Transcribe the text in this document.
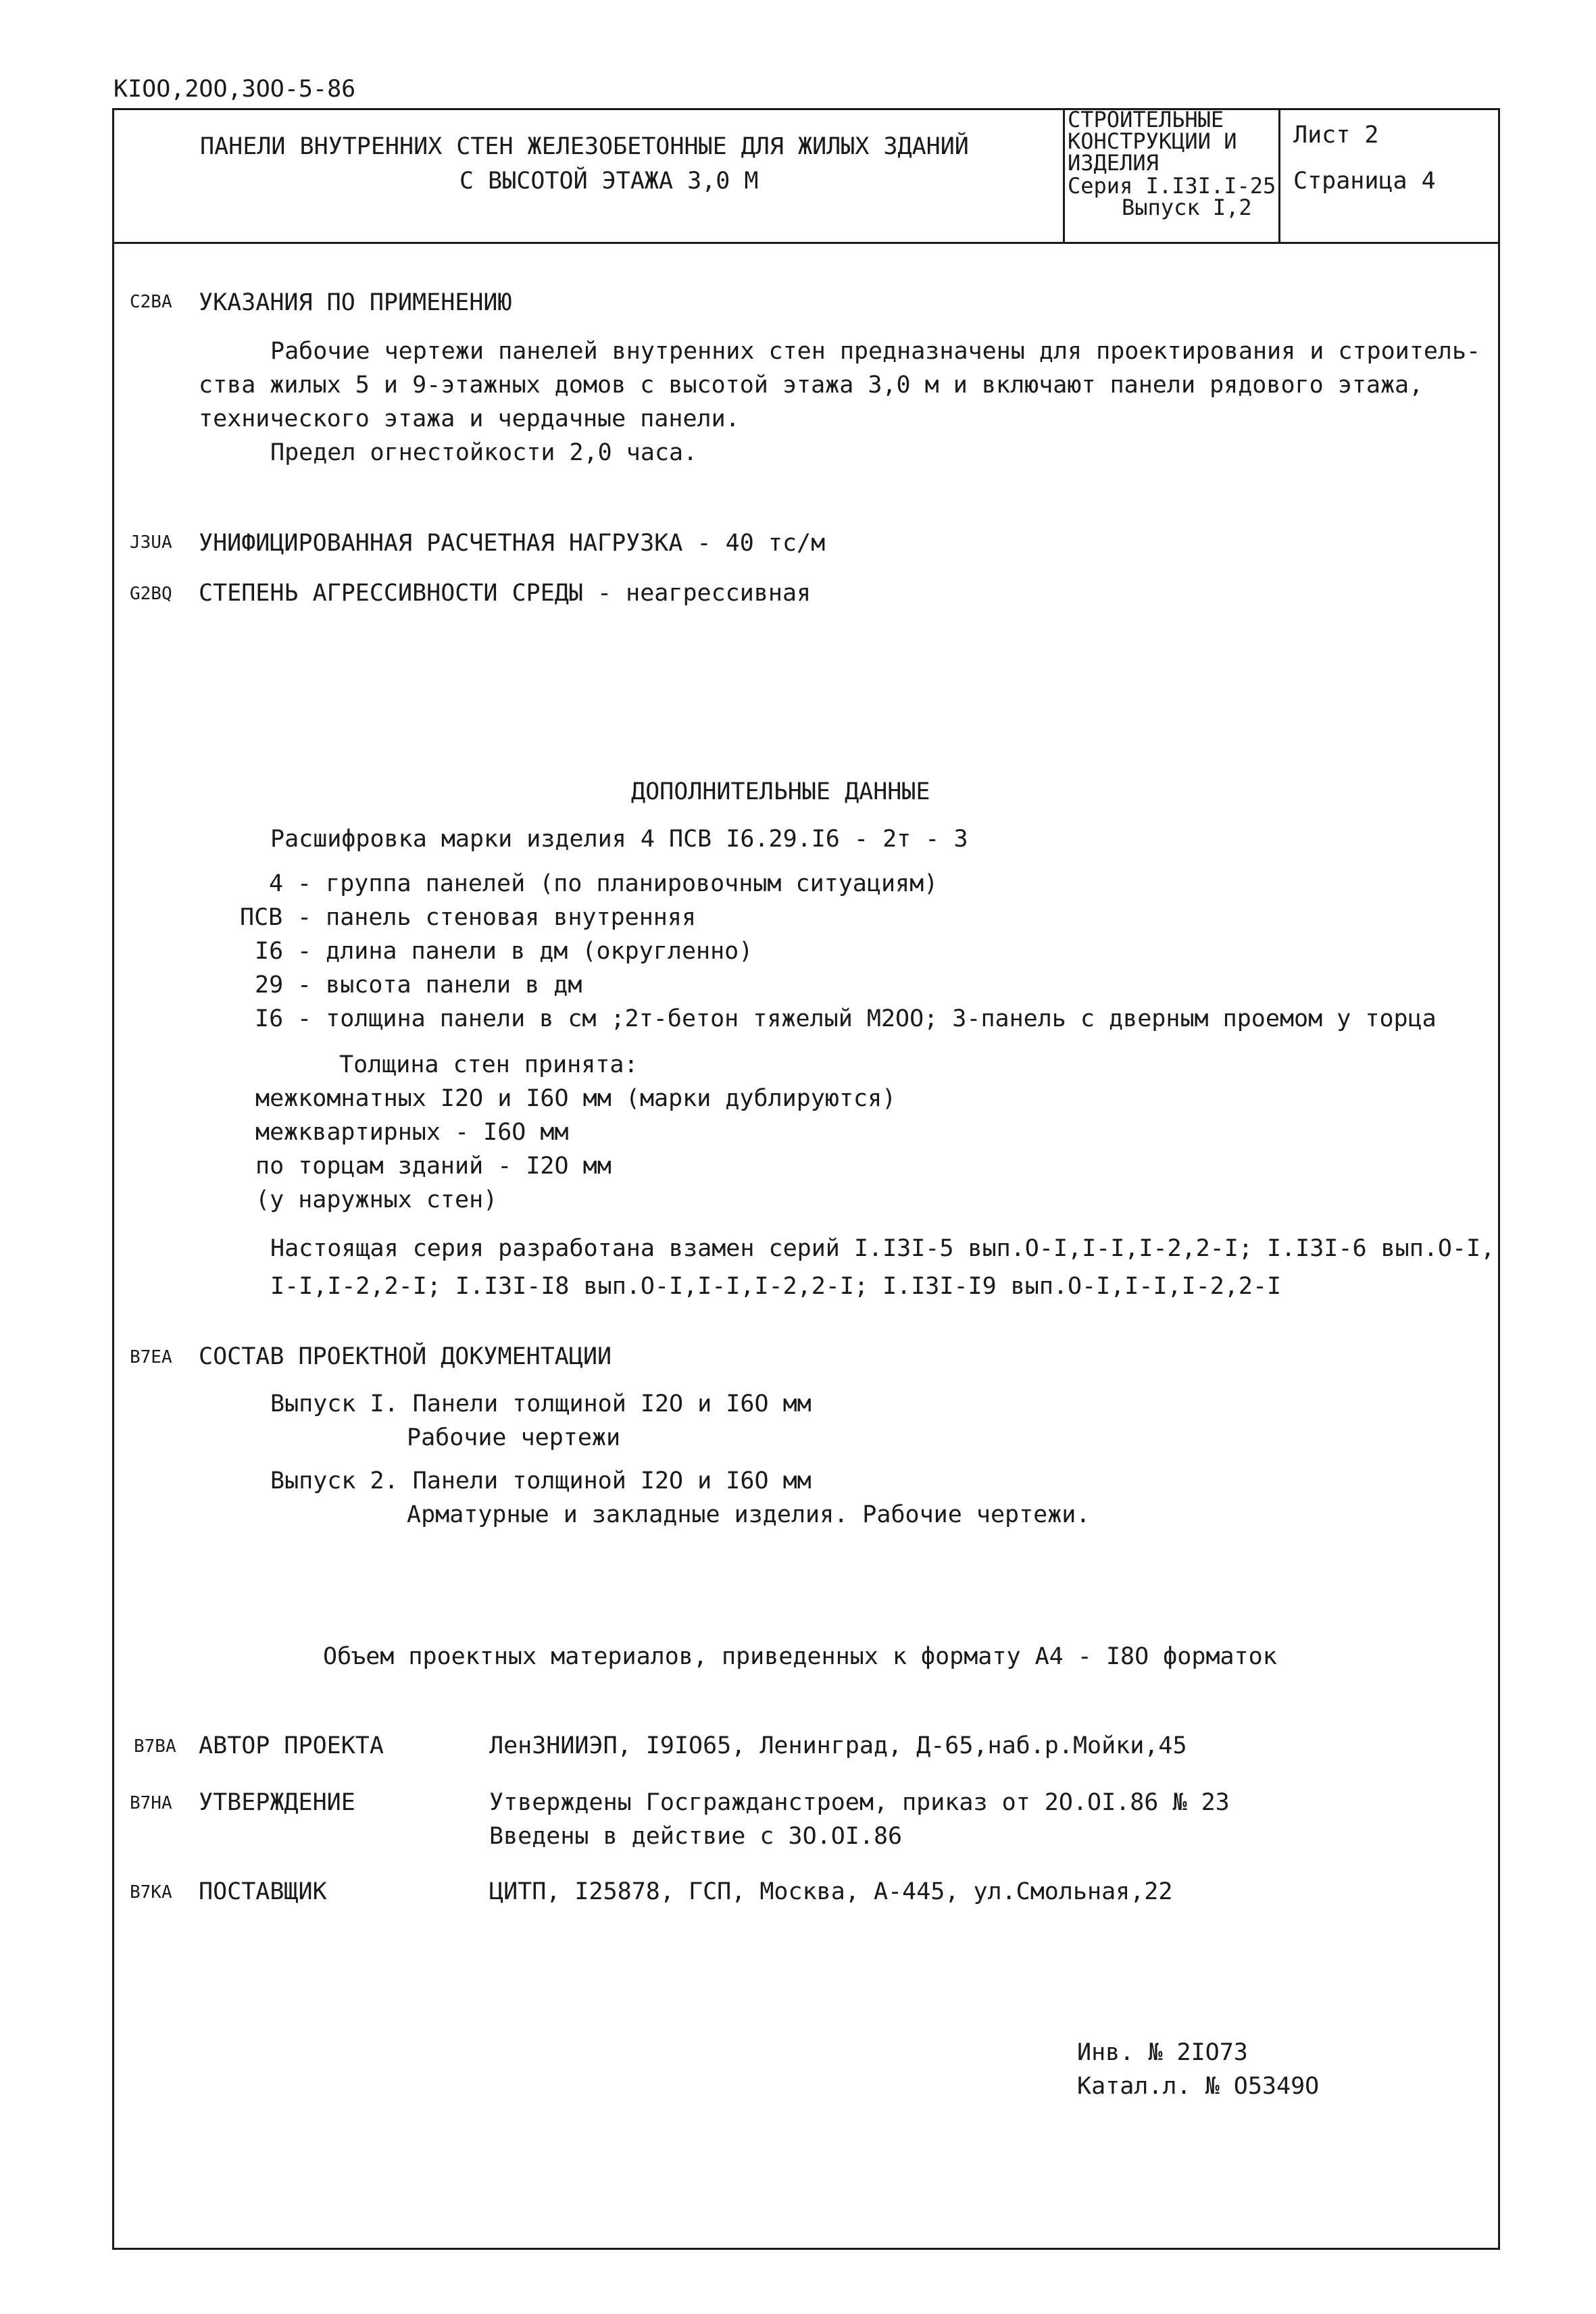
КIОО,2ОО,3ОО-5-86
ПАНЕЛИ ВНУТРЕННИХ СТЕН ЖЕЛЕЗОБЕТОННЫЕ ДЛЯ ЖИЛЫХ ЗДАНИЙ
С ВЫСОТОЙ ЭТАЖА 3,0 М
СТРОИТЕЛЬНЫЕ
КОНСТРУКЦИИ И
ИЗДЕЛИЯ
Серия I.I3I.I-25
Выпуск I,2
Лист 2
Страница 4
C2BA УКАЗАНИЯ ПО ПРИМЕНЕНИЮ
Рабочие чертежи панелей внутренних стен предназначены для проектирования и строитель-
ства жилых 5 и 9-этажных домов с высотой этажа 3,0 м и включают панели рядового этажа,
технического этажа и чердачные панели.
Предел огнестойкости 2,0 часа.
J3UA УНИФИЦИРОВАННАЯ РАСЧЕТНАЯ НАГРУЗКА - 40 тс/м
G2BQ СТЕПЕНЬ АГРЕССИВНОСТИ СРЕДЫ - неагрессивная
ДОПОЛНИТЕЛЬНЫЕ ДАННЫЕ
Расшифровка марки изделия 4 ПСВ I6.29.I6 - 2т - 3
4 - группа панелей (по планировочным ситуациям)
ПСВ - панель стеновая внутренняя
I6 - длина панели в дм (округленно)
29 - высота панели в дм
I6 - толщина панели в см ;2т-бетон тяжелый М2ОО; 3-панель с дверным проемом у торца
Толщина стен принята:
межкомнатных I2О и I6О мм (марки дублируются)
межквартирных - I6О мм
по торцам зданий - I2О мм
(у наружных стен)
Настоящая серия разработана взамен серий I.I3I-5 вып.О-I,I-I,I-2,2-I; I.I3I-6 вып.О-I,
I-I,I-2,2-I; I.I3I-I8 вып.О-I,I-I,I-2,2-I; I.I3I-I9 вып.О-I,I-I,I-2,2-I
B7EA СОСТАВ ПРОЕКТНОЙ ДОКУМЕНТАЦИИ
Выпуск I. Панели толщиной I2О и I6О мм
Рабочие чертежи
Выпуск 2. Панели толщиной I2О и I6О мм
Арматурные и закладные изделия. Рабочие чертежи.
Объем проектных материалов, приведенных к формату А4 - I8О форматок
B7BA АВТОР ПРОЕКТА	ЛенЗНИИЭП, I9IО65, Ленинград, Д-65,наб.р.Мойки,45
B7HA УТВЕРЖДЕНИЕ	Утверждены Госгражданстроем, приказ от 2О.ОI.86 № 23
Введены в действие с 3О.ОI.86
B7KA ПОСТАВЩИК	ЦИТП, I25878, ГСП, Москва, А-445, ул.Смольная,22
Инв. № 2IО73
Катал.л. № О5349О
